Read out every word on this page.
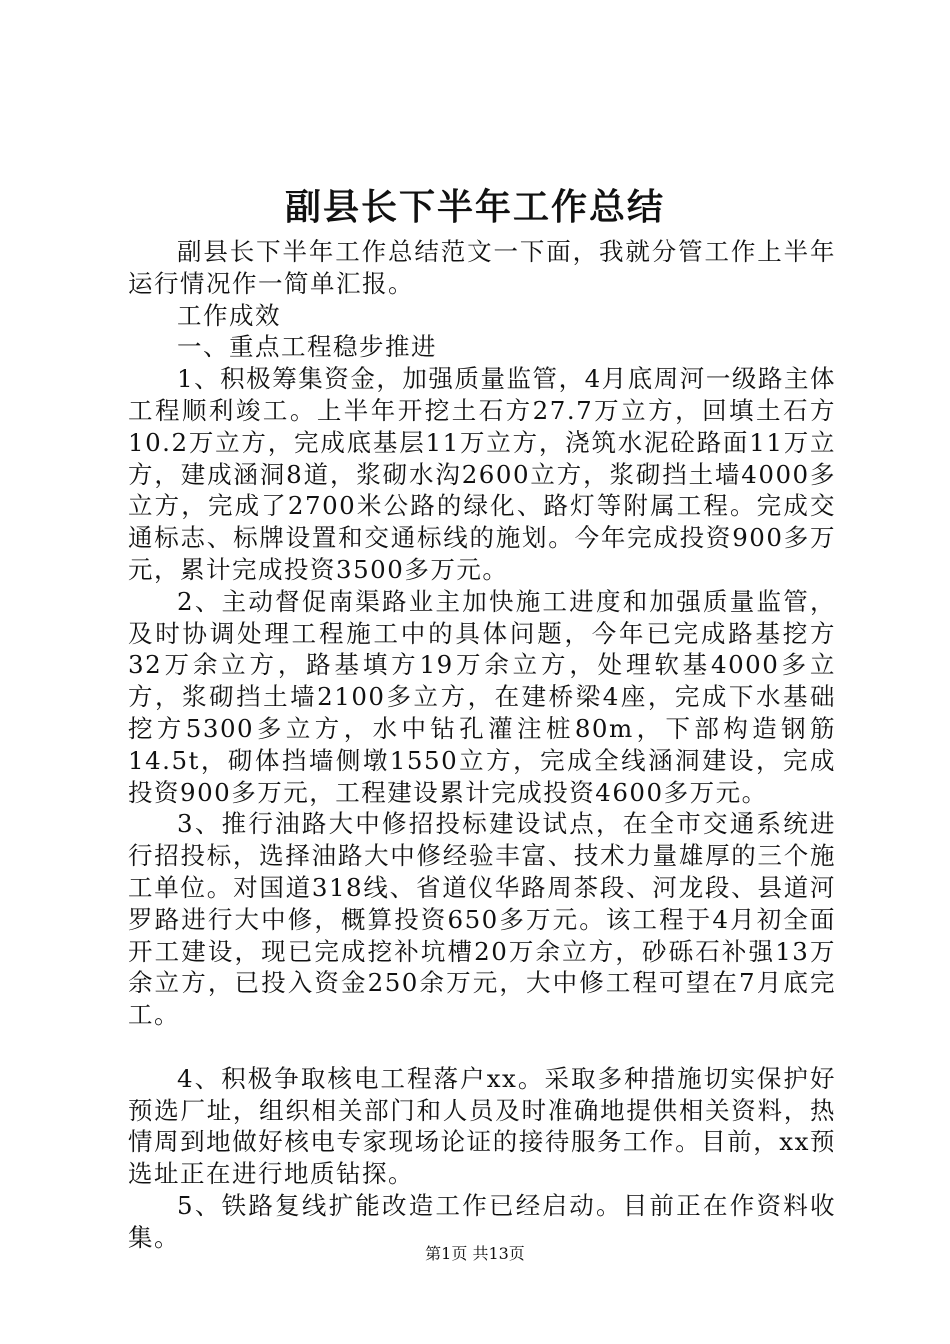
副县长下半年工作总结

副县长下半年工作总结范文一下面，我就分管工作上半年运行情况作一简单汇报。

工作成效

一、重点工程稳步推进

1、积极筹集资金，加强质量监管，4月底周河一级路主体工程顺利竣工。上半年开挖土石方27.7万立方，回填土石方10.2万立方，完成底基层11万立方，浇筑水泥砼路面11万立方，建成涵洞8道，浆砌水沟2600立方，浆砌挡土墙4000多立方，完成了2700米公路的绿化、路灯等附属工程。完成交通标志、标牌设置和交通标线的施划。今年完成投资900多万元，累计完成投资3500多万元。

2、主动督促南渠路业主加快施工进度和加强质量监管，及时协调处理工程施工中的具体问题，今年已完成路基挖方32万余立方，路基填方19万余立方，处理软基4000多立方，浆砌挡土墙2100多立方，在建桥梁4座，完成下水基础挖方5300多立方，水中钻孔灌注桩80m，下部构造钢筋14.5t，砌体挡墙侧墩1550立方，完成全线涵洞建设，完成投资900多万元，工程建设累计完成投资4600多万元。

3、推行油路大中修招投标建设试点，在全市交通系统进行招投标，选择油路大中修经验丰富、技术力量雄厚的三个施工单位。对国道318线、省道仪华路周茶段、河龙段、县道河罗路进行大中修，概算投资650多万元。该工程于4月初全面开工建设，现已完成挖补坑槽20万余立方，砂砾石补强13万余立方，已投入资金250余万元，大中修工程可望在7月底完工。

4、积极争取核电工程落户xx。采取多种措施切实保护好预选厂址，组织相关部门和人员及时准确地提供相关资料，热情周到地做好核电专家现场论证的接待服务工作。目前，xx预选址正在进行地质钻探。

5、铁路复线扩能改造工作已经启动。目前正在作资料收集。

第1页 共13页
